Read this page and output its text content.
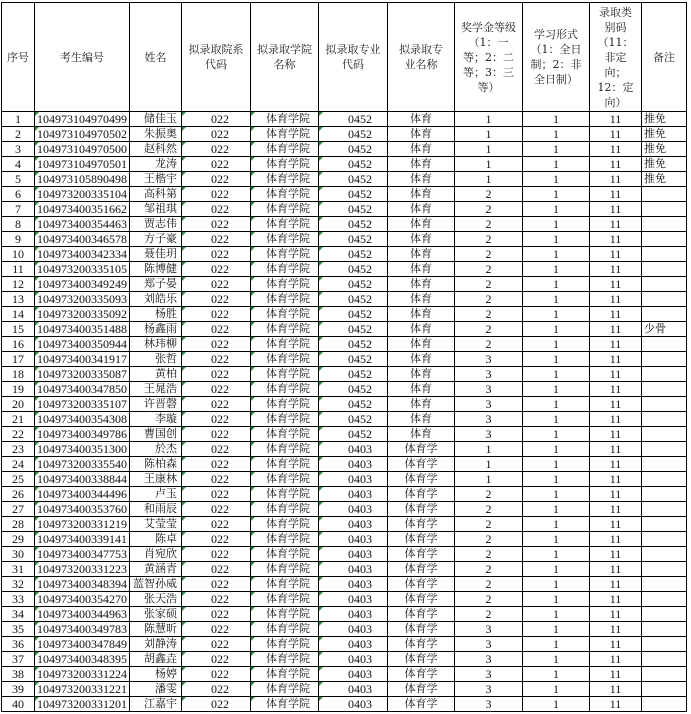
序号	考生编号	姓名	拟录取院系代码	拟录取学院名称	拟录取专业代码	拟录取专业名称	奖学金等级（1：一等；2：二等；3：三等）	学习形式（1：全日制；2：非全日制）	录取类别码（11：非定向；12：定向）	备注
1	104973104970499	储佳玉	022	体育学院	0452	体育	1	1	11	推免
2	104973104970502	朱振奥	022	体育学院	0452	体育	1	1	11	推免
3	104973104970500	赵科然	022	体育学院	0452	体育	1	1	11	推免
4	104973104970501	龙涛	022	体育学院	0452	体育	1	1	11	推免
5	104973105890498	王楷宇	022	体育学院	0452	体育	1	1	11	推免
6	104973200335104	高科第	022	体育学院	0452	体育	2	1	11	
7	104973400351662	邹祖琪	022	体育学院	0452	体育	2	1	11	
8	104973400354463	贾志伟	022	体育学院	0452	体育	2	1	11	
9	104973400346578	方子豪	022	体育学院	0452	体育	2	1	11	
10	104973400342334	聂佳玥	022	体育学院	0452	体育	2	1	11	
11	104973200335105	陈博健	022	体育学院	0452	体育	2	1	11	
12	104973400349249	郑子晏	022	体育学院	0452	体育	2	1	11	
13	104973200335093	刘皓乐	022	体育学院	0452	体育	2	1	11	
14	104973200335092	杨胜	022	体育学院	0452	体育	2	1	11	
15	104973400351488	杨鑫雨	022	体育学院	0452	体育	2	1	11	少骨
16	104973400350944	林玮柳	022	体育学院	0452	体育	2	1	11	
17	104973400341917	张哲	022	体育学院	0452	体育	3	1	11	
18	104973200335087	黄柏	022	体育学院	0452	体育	3	1	11	
19	104973400347850	王晁浩	022	体育学院	0452	体育	3	1	11	
20	104973200335107	许晋磬	022	体育学院	0452	体育	3	1	11	
21	104973400354308	李璇	022	体育学院	0452	体育	3	1	11	
22	104973400349786	曹国创	022	体育学院	0452	体育	3	1	11	
23	104973400351300	於杰	022	体育学院	0403	体育学	1	1	11	
24	104973200335540	陈柏森	022	体育学院	0403	体育学	1	1	11	
25	104973400338844	王康林	022	体育学院	0403	体育学	1	1	11	
26	104973400344496	卢玉	022	体育学院	0403	体育学	2	1	11	
27	104973400353760	和雨辰	022	体育学院	0403	体育学	2	1	11	
28	104973200331219	艾莹莹	022	体育学院	0403	体育学	2	1	11	
29	104973400339141	陈卓	022	体育学院	0403	体育学	2	1	11	
30	104973400347753	肖宛欣	022	体育学院	0403	体育学	2	1	11	
31	104973200331223	黄涵青	022	体育学院	0403	体育学	2	1	11	
32	104973400348394	蓝智孙威	022	体育学院	0403	体育学	2	1	11	
33	104973400354270	张天浩	022	体育学院	0403	体育学	2	1	11	
34	104973400344963	张家硕	022	体育学院	0403	体育学	2	1	11	
35	104973400349783	陈慧昕	022	体育学院	0403	体育学	3	1	11	
36	104973400347849	刘静涛	022	体育学院	0403	体育学	3	1	11	
37	104973400348395	胡鑫垚	022	体育学院	0403	体育学	3	1	11	
38	104973200331224	杨婷	022	体育学院	0403	体育学	3	1	11	
39	104973200331221	潘雯	022	体育学院	0403	体育学	3	1	11	
40	104973200331201	江嘉宇	022	体育学院	0403	体育学	3	1	11	
